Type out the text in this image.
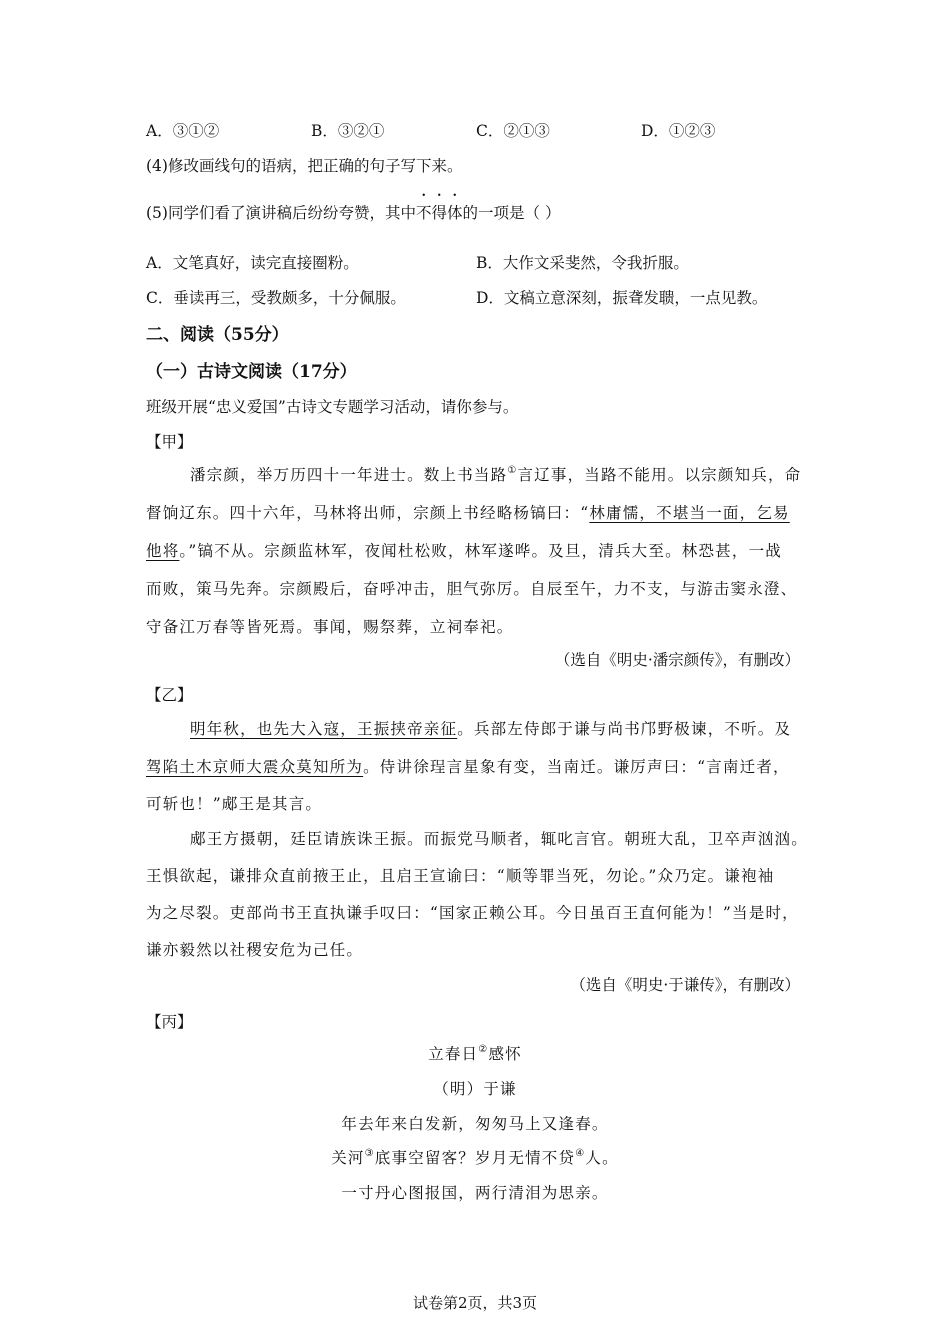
A．③①②	B．③②①	C．②①③	D．①②③
(4)修改画线句的语病，把正确的句子写下来。
(5)同学们看了演讲稿后纷纷夸赞，其中不得体的一项是（ ）
A．文笔真好，读完直接圈粉。	B．大作文采斐然，令我折服。
C．垂读再三，受教颇多，十分佩服。	D．文稿立意深刻，振聋发聩，一点见教。
二、阅读（55分）
（一）古诗文阅读（17分）
班级开展“忠义爱国”古诗文专题学习活动，请你参与。
【甲】
潘宗颜，举万历四十一年进士。数上书当路①言辽事，当路不能用。以宗颜知兵，命
督饷辽东。四十六年，马林将出师，宗颜上书经略杨镐曰：“林庸懦，不堪当一面，乞易
他将。”镐不从。宗颜监林军，夜闻杜松败，林军遂哗。及旦，清兵大至。林恐甚，一战
而败，策马先奔。宗颜殿后，奋呼冲击，胆气弥厉。自辰至午，力不支，与游击窦永澄、
守备江万春等皆死焉。事闻，赐祭葬，立祠奉祀。
（选自《明史·潘宗颜传》，有删改）
【乙】
明年秋，也先大入寇，王振挟帝亲征。兵部左侍郎于谦与尚书邝野极谏，不听。及
驾陷土木京师大震众莫知所为。侍讲徐珵言星象有变，当南迁。谦厉声曰：“言南迁者，
可斩也！”郕王是其言。
郕王方摄朝，廷臣请族诛王振。而振党马顺者，辄叱言官。朝班大乱，卫卒声汹汹。
王惧欲起，谦排众直前掖王止，且启王宣谕曰：“顺等罪当死，勿论。”众乃定。谦袍袖
为之尽裂。吏部尚书王直执谦手叹曰：“国家正赖公耳。今日虽百王直何能为！”当是时，
谦亦毅然以社稷安危为己任。
（选自《明史·于谦传》，有删改）
【丙】
立春日②感怀
（明）于谦
年去年来白发新，匆匆马上又逢春。
关河③底事空留客？岁月无情不贷④人。
一寸丹心图报国，两行清泪为思亲。
试卷第2页，共3页
